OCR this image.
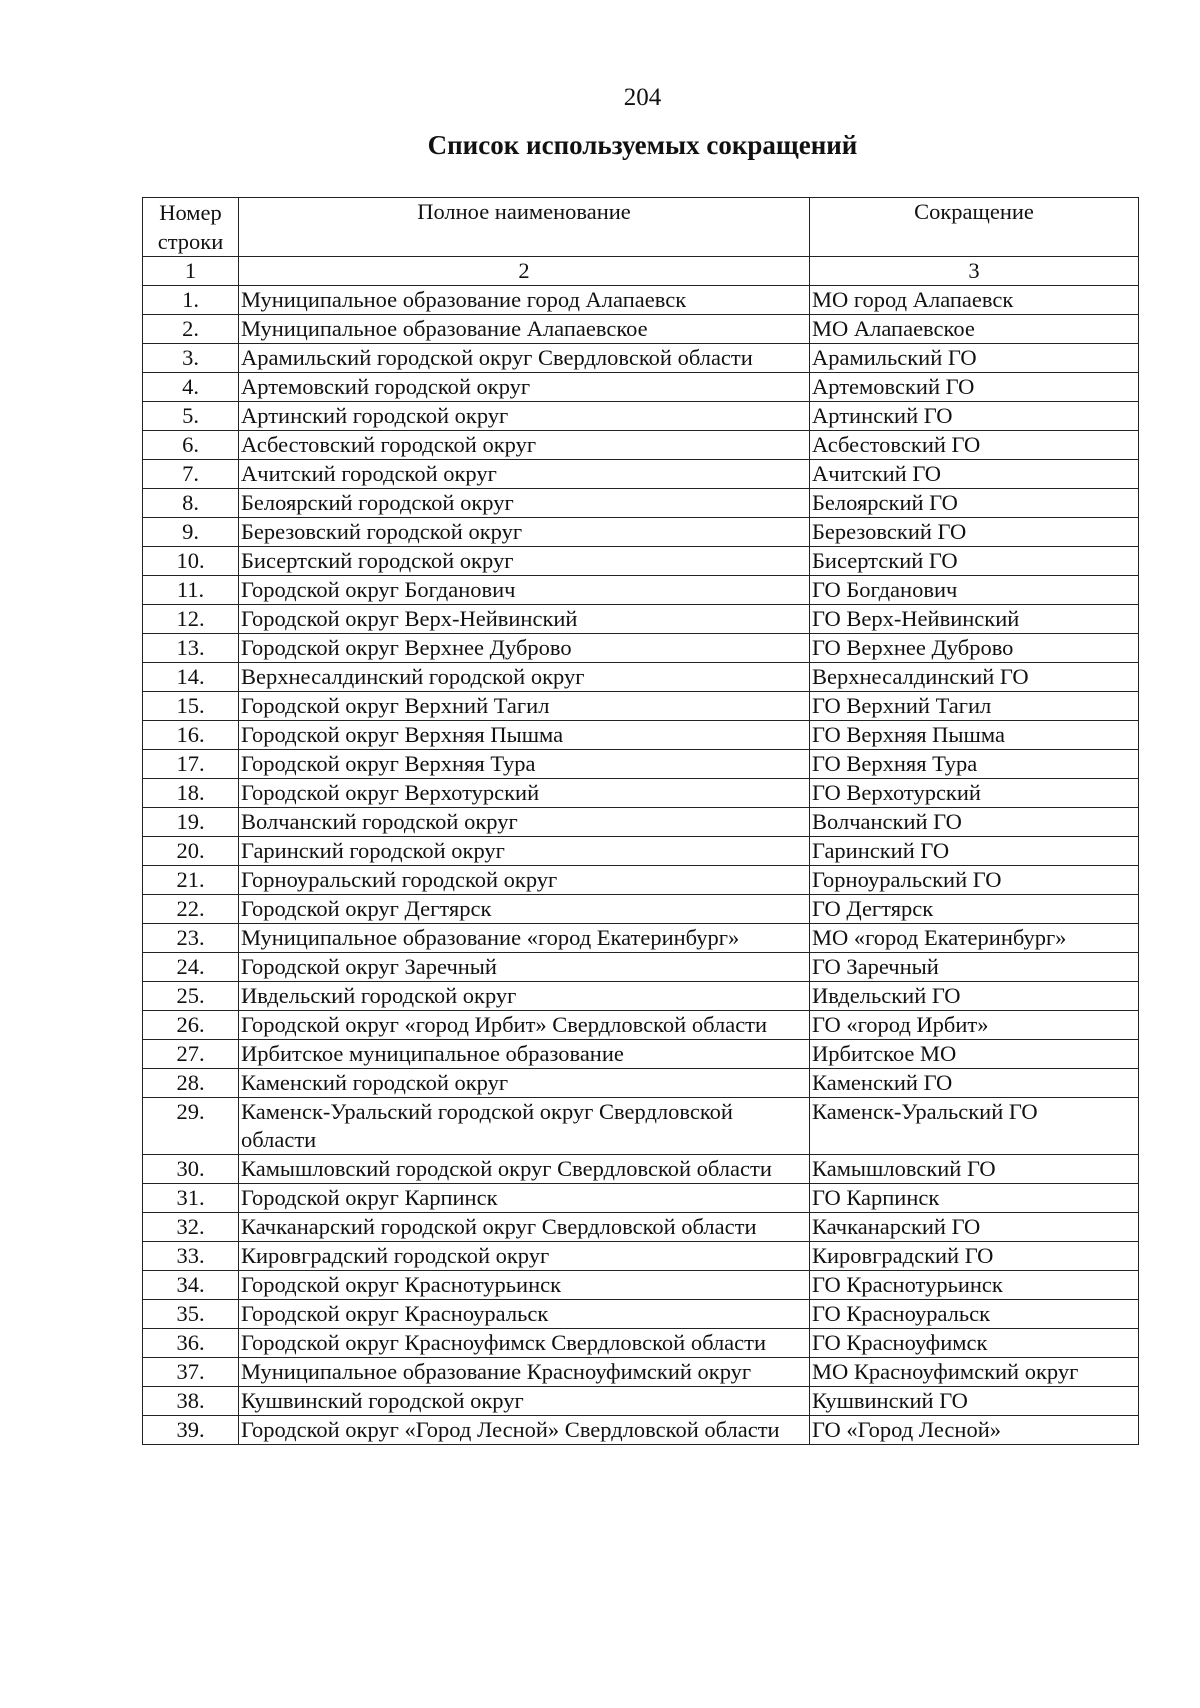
204
Список используемых сокращений
Номер строки	Полное наименование	Сокращение
1	2	3
1.	Муниципальное образование город Алапаевск	МО город Алапаевск
2.	Муниципальное образование Алапаевское	МО Алапаевское
3.	Арамильский городской округ Свердловской области	Арамильский ГО
4.	Артемовский городской округ	Артемовский ГО
5.	Артинский городской округ	Артинский ГО
6.	Асбестовский городской округ	Асбестовский ГО
7.	Ачитский городской округ	Ачитский ГО
8.	Белоярский городской округ	Белоярский ГО
9.	Березовский городской округ	Березовский ГО
10.	Бисертский городской округ	Бисертский ГО
11.	Городской округ Богданович	ГО Богданович
12.	Городской округ Верх-Нейвинский	ГО Верх-Нейвинский
13.	Городской округ Верхнее Дуброво	ГО Верхнее Дуброво
14.	Верхнесалдинский городской округ	Верхнесалдинский ГО
15.	Городской округ Верхний Тагил	ГО Верхний Тагил
16.	Городской округ Верхняя Пышма	ГО Верхняя Пышма
17.	Городской округ Верхняя Тура	ГО Верхняя Тура
18.	Городской округ Верхотурский	ГО Верхотурский
19.	Волчанский городской округ	Волчанский ГО
20.	Гаринский городской округ	Гаринский ГО
21.	Горноуральский городской округ	Горноуральский ГО
22.	Городской округ Дегтярск	ГО Дегтярск
23.	Муниципальное образование «город Екатеринбург»	МО «город Екатеринбург»
24.	Городской округ Заречный	ГО Заречный
25.	Ивдельский городской округ	Ивдельский ГО
26.	Городской округ «город Ирбит» Свердловской области	ГО «город Ирбит»
27.	Ирбитское муниципальное образование	Ирбитское МО
28.	Каменский городской округ	Каменский ГО
29.	Каменск-Уральский городской округ Свердловской области	Каменск-Уральский ГО
30.	Камышловский городской округ Свердловской области	Камышловский ГО
31.	Городской округ Карпинск	ГО Карпинск
32.	Качканарский городской округ Свердловской области	Качканарский ГО
33.	Кировградский городской округ	Кировградский ГО
34.	Городской округ Краснотурьинск	ГО Краснотурьинск
35.	Городской округ Красноуральск	ГО Красноуральск
36.	Городской округ Красноуфимск Свердловской области	ГО Красноуфимск
37.	Муниципальное образование Красноуфимский округ	МО Красноуфимский округ
38.	Кушвинский городской округ	Кушвинский ГО
39.	Городской округ «Город Лесной» Свердловской области	ГО «Город Лесной»
